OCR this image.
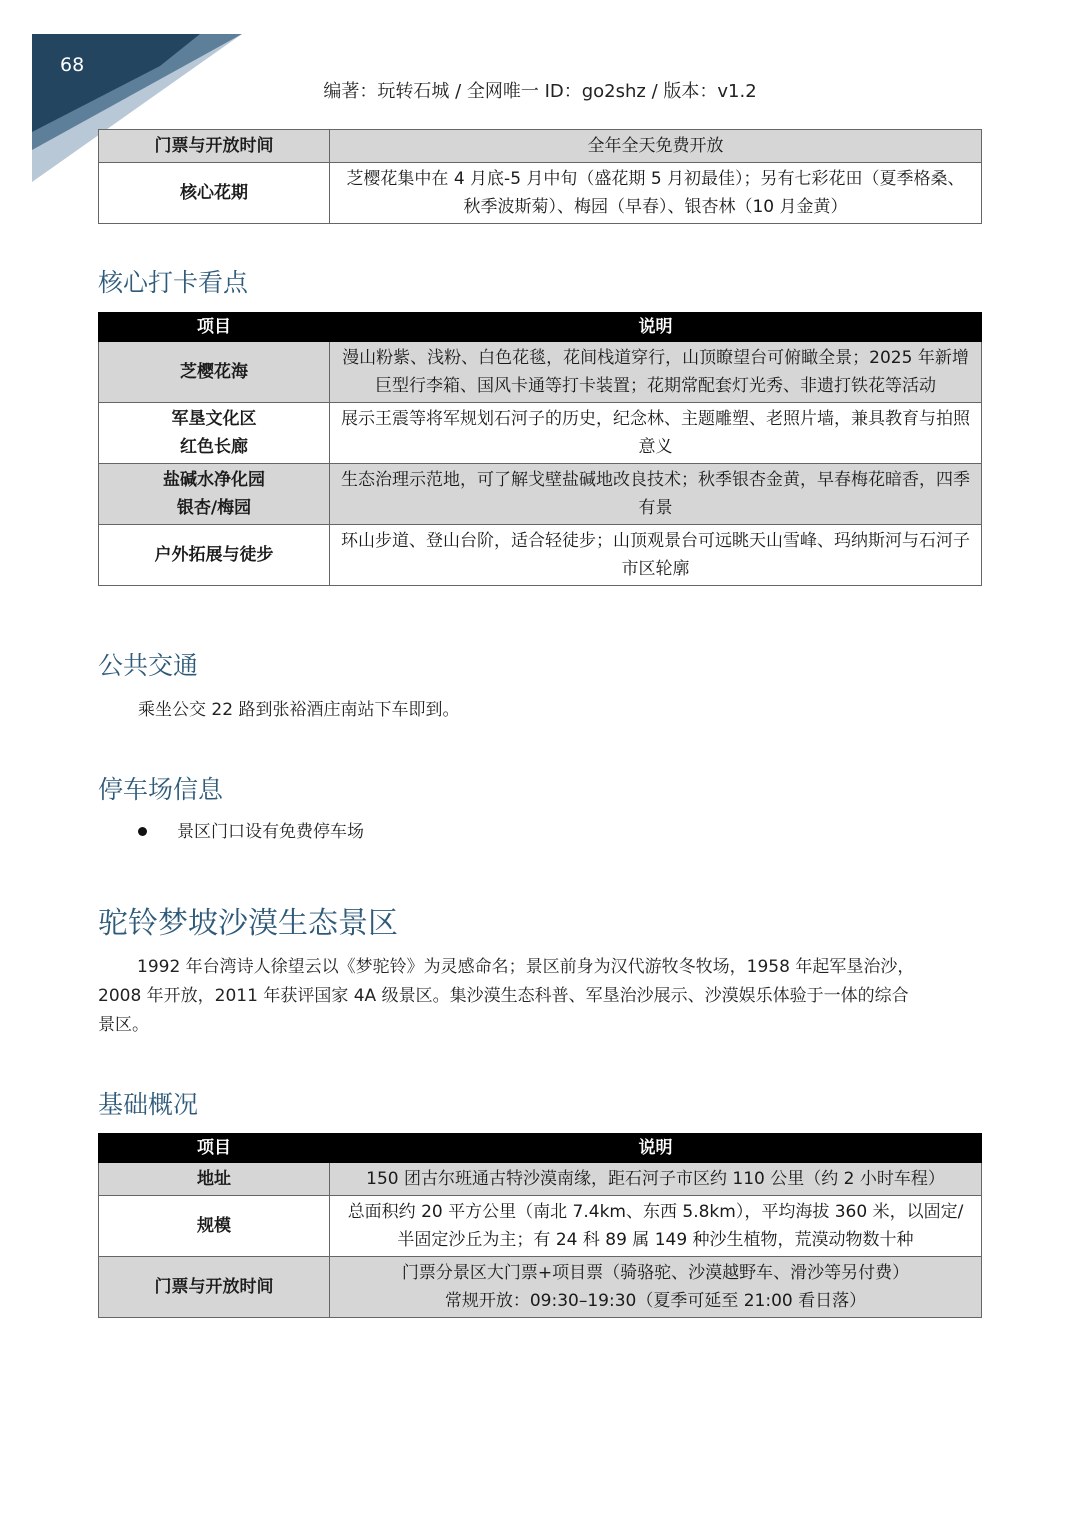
68
编著：玩转石城 / 全网唯一 ID：go2shz / 版本：v1.2
门票与开放时间	全年全天免费开放
核心花期	芝樱花集中在 4 月底-5 月中旬（盛花期 5 月初最佳）；另有七彩花田（夏季格桑、秋季波斯菊）、梅园（早春）、银杏林（10 月金黄）
核心打卡看点
项目	说明
芝樱花海	漫山粉紫、浅粉、白色花毯，花间栈道穿行，山顶瞭望台可俯瞰全景；2025 年新增巨型行李箱、国风卡通等打卡装置；花期常配套灯光秀、非遗打铁花等活动
军垦文化区
红色长廊	展示王震等将军规划石河子的历史，纪念林、主题雕塑、老照片墙，兼具教育与拍照意义
盐碱水净化园
银杏/梅园	生态治理示范地，可了解戈壁盐碱地改良技术；秋季银杏金黄，早春梅花暗香，四季有景
户外拓展与徒步	环山步道、登山台阶，适合轻徒步；山顶观景台可远眺天山雪峰、玛纳斯河与石河子市区轮廓
公共交通
乘坐公交 22 路到张裕酒庄南站下车即到。
停车场信息
景区门口设有免费停车场
驼铃梦坡沙漠生态景区
1992 年台湾诗人徐望云以《梦驼铃》为灵感命名；景区前身为汉代游牧冬牧场，1958 年起军垦治沙，
2008 年开放，2011 年获评国家 4A 级景区。集沙漠生态科普、军垦治沙展示、沙漠娱乐体验于一体的综合
景区。
基础概况
项目	说明
地址	150 团古尔班通古特沙漠南缘，距石河子市区约 110 公里（约 2 小时车程）
规模	总面积约 20 平方公里（南北 7.4km、东西 5.8km），平均海拔 360 米，以固定/半固定沙丘为主；有 24 科 89 属 149 种沙生植物，荒漠动物数十种
门票与开放时间	门票分景区大门票+项目票（骑骆驼、沙漠越野车、滑沙等另付费）
常规开放：09:30–19:30（夏季可延至 21:00 看日落）
